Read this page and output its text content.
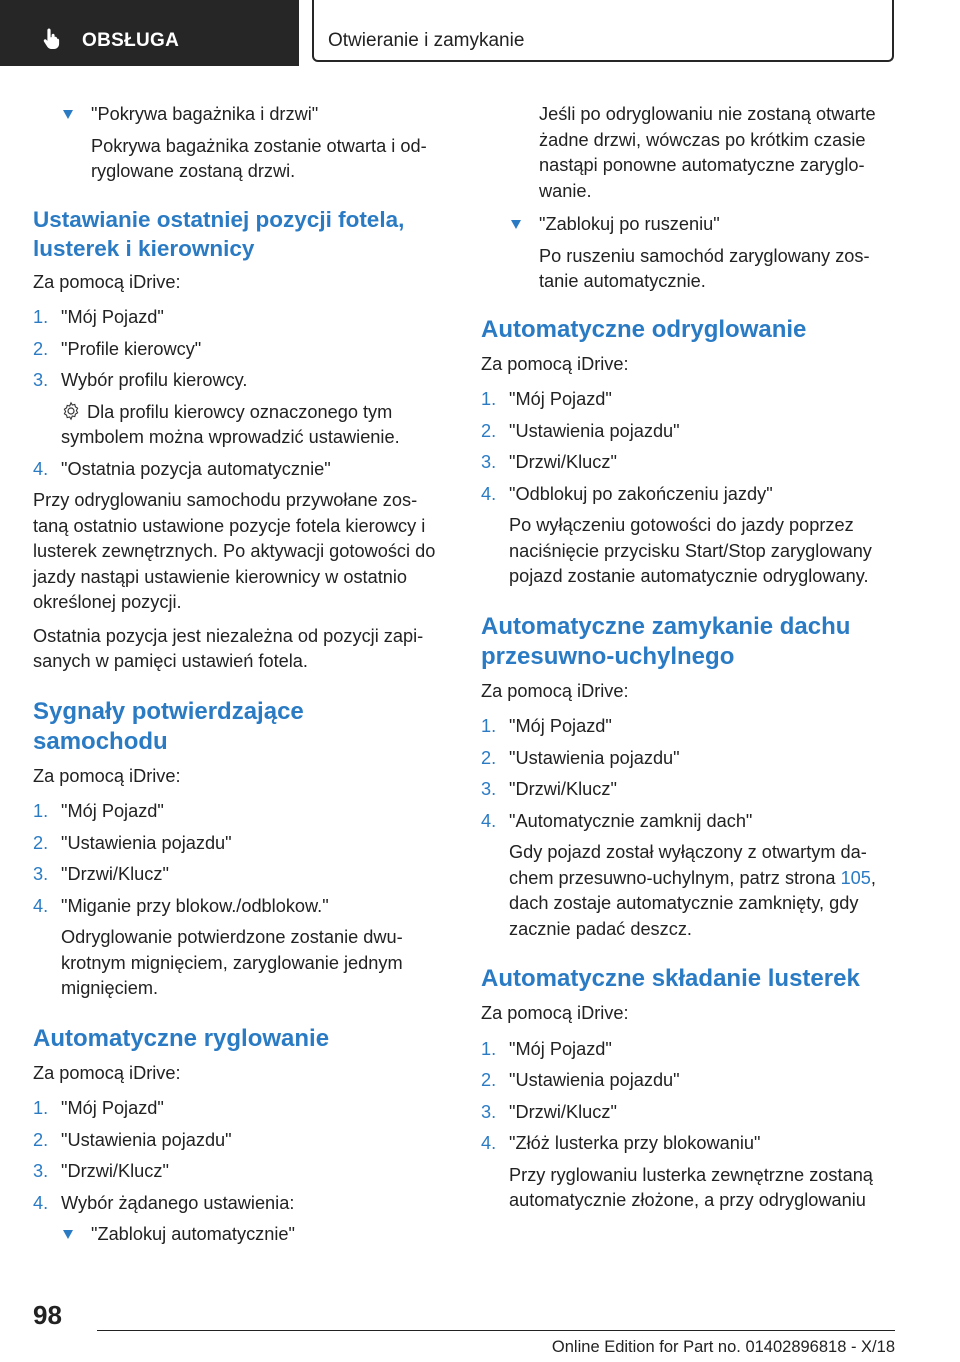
OBSŁUGA	Otwieranie i zamykanie

"Pokrywa bagażnika i drzwi"

Pokrywa bagażnika zostanie otwarta i odryglowane zostaną drzwi.

Ustawianie ostatniej pozycji fotela, lusterek i kierownicy

Za pomocą iDrive:

1. "Mój Pojazd"
2. "Profile kierowcy"
3. Wybór profilu kierowcy.

Dla profilu kierowcy oznaczonego tym symbolem można wprowadzić ustawienie.

4. "Ostatnia pozycja automatycznie"

Przy odryglowaniu samochodu przywołane zostaną ostatnio ustawione pozycje fotela kierowcy i lusterek zewnętrznych. Po aktywacji gotowości do jazdy nastąpi ustawienie kierownicy w ostatnio określonej pozycji.

Ostatnia pozycja jest niezależna od pozycji zapisanych w pamięci ustawień fotela.

Sygnały potwierdzające samochodu

Za pomocą iDrive:

1. "Mój Pojazd"
2. "Ustawienia pojazdu"
3. "Drzwi/Klucz"
4. "Miganie przy blokow./odblokow."

Odryglowanie potwierdzone zostanie dwukrotnym mignięciem, zaryglowanie jednym mignięciem.

Automatyczne ryglowanie

Za pomocą iDrive:

1. "Mój Pojazd"
2. "Ustawienia pojazdu"
3. "Drzwi/Klucz"
4. Wybór żądanego ustawienia:
"Zablokuj automatycznie"

Jeśli po odryglowaniu nie zostaną otwarte żadne drzwi, wówczas po krótkim czasie nastąpi ponowne automatyczne zaryglowanie.

"Zablokuj po ruszeniu"

Po ruszeniu samochód zaryglowany zostanie automatycznie.

Automatyczne odryglowanie

Za pomocą iDrive:

1. "Mój Pojazd"
2. "Ustawienia pojazdu"
3. "Drzwi/Klucz"
4. "Odblokuj po zakończeniu jazdy"

Po wyłączeniu gotowości do jazdy poprzez naciśnięcie przycisku Start/Stop zaryglowany pojazd zostanie automatycznie odryglowany.

Automatyczne zamykanie dachu przesuwno-uchylnego

Za pomocą iDrive:

1. "Mój Pojazd"
2. "Ustawienia pojazdu"
3. "Drzwi/Klucz"
4. "Automatycznie zamknij dach"

Gdy pojazd został wyłączony z otwartym dachem przesuwno-uchylnym, patrz strona 105, dach zostaje automatycznie zamknięty, gdy zacznie padać deszcz.

Automatyczne składanie lusterek

Za pomocą iDrive:

1. "Mój Pojazd"
2. "Ustawienia pojazdu"
3. "Drzwi/Klucz"
4. "Złóż lusterka przy blokowaniu"

Przy ryglowaniu lusterka zewnętrzne zostaną automatycznie złożone, a przy odryglowaniu

98
Online Edition for Part no. 01402896818 - X/18
